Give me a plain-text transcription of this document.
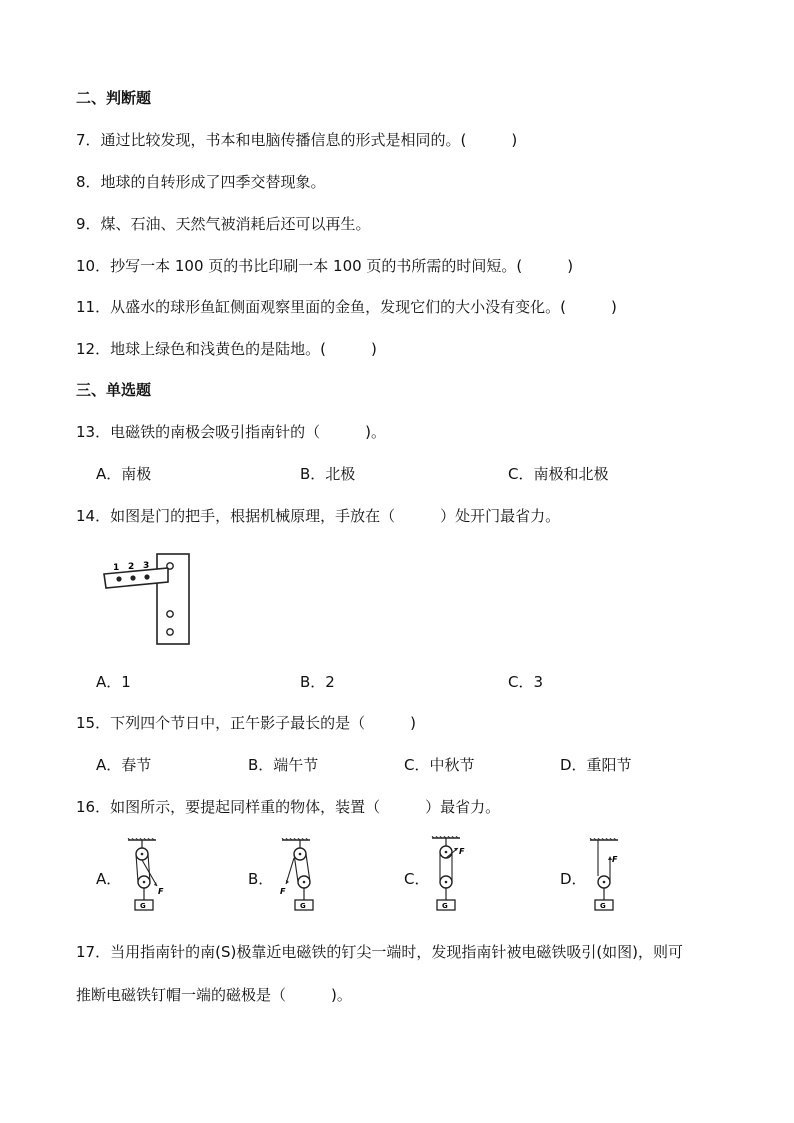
二、判断题
7．通过比较发现，书本和电脑传播信息的形式是相同的。(　　　)
8．地球的自转形成了四季交替现象。
9．煤、石油、天然气被消耗后还可以再生。
10．抄写一本 100 页的书比印刷一本 100 页的书所需的时间短。(　　　)
11．从盛水的球形鱼缸侧面观察里面的金鱼，发现它们的大小没有变化。(　　　)
12．地球上绿色和浅黄色的是陆地。(　　　)
三、单选题
13．电磁铁的南极会吸引指南针的（　　　)。
A．南极	B．北极	C．南极和北极
14．如图是门的把手，根据机械原理，手放在（　　　）处开门最省力。
1 2 3
A．1	B．2	C．3
15．下列四个节日中，正午影子最长的是（　　　)
A．春节	B．端午节	C．中秋节	D．重阳节
16．如图所示，要提起同样重的物体，装置（　　　）最省力。
A．
F
G
B．
F
G
C．
F
G
D．
F
G
17．当用指南针的南(S)极靠近电磁铁的钉尖一端时，发现指南针被电磁铁吸引(如图)，则可
推断电磁铁钉帽一端的磁极是（　　　)。
